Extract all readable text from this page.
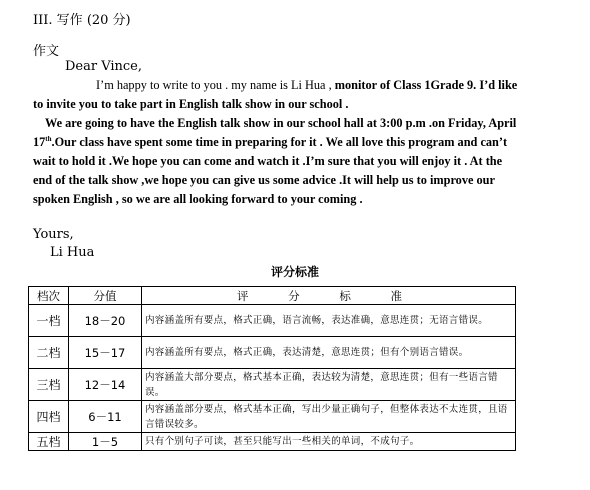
III. 写作 (20 分)
作文
Dear Vince,
I’m happy to write to you . my name is Li Hua , monitor of Class 1Grade 9. I’d like
to invite you to take part in English talk show in our school .
We are going to have the English talk show in our school hall at 3:00 p.m .on Friday, April
17th.Our class have spent some time in preparing for it . We all love this program and can’t
wait to hold it .We hope you can come and watch it .I’m sure that you will enjoy it . At the
end of the talk show ,we hope you can give us some advice .It will help us to improve our
spoken English , so we are all looking forward to your coming .
Yours,
Li Hua
评分标准
档次	分值	评 分 标 准
一档	18－20	内容涵盖所有要点，格式正确，语言流畅，表达准确，意思连贯；无语言错误。
二档	15－17	内容涵盖所有要点，格式正确，表达清楚，意思连贯；但有个别语言错误。
三档	12－14	内容涵盖大部分要点，格式基本正确，表达较为清楚，意思连贯；但有一些语言错误。
四档	6－11	内容涵盖部分要点，格式基本正确，写出少量正确句子，但整体表达不太连贯，且语言错误较多。
五档	1－5	只有个别句子可读，甚至只能写出一些相关的单词，不成句子。
